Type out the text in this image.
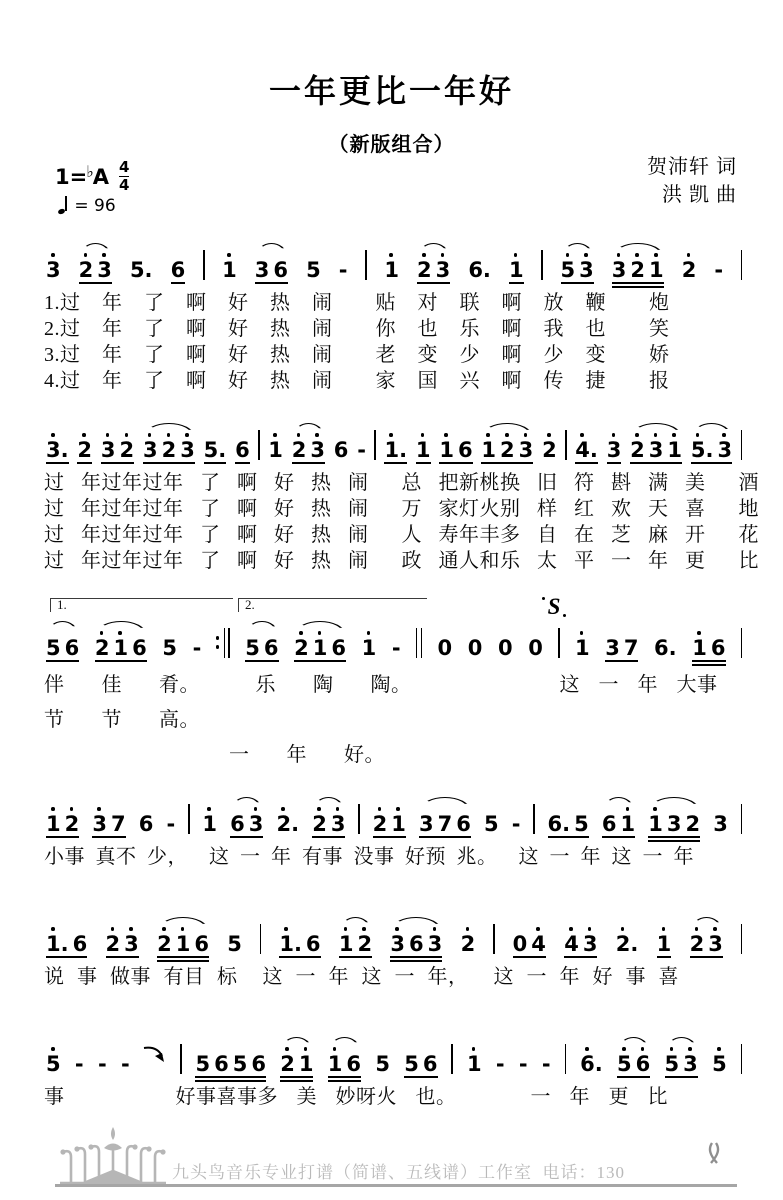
一年更比一年好
（新版组合）
$1=^♭A \frac{4}{4}$
= 96
贺沛轩 词
洪 凯 曲
3 2 3 5. 6 1 3 6 5 - 1 2 3 6. 1 5 3 3 2 1 2 -
1.过 年 了 啊 好 热 闹  贴 对 联 啊 放 鞭  炮
2.过 年 了 啊 好 热 闹  你 也 乐 啊 我 也  笑
3.过 年 了 啊 好 热 闹  老 变 少 啊 少 变  娇
4.过 年 了 啊 好 热 闹  家 国 兴 啊 传 捷  报
3. 2 3 2 3 2 3 5. 6 1 2 3 6 - 1. 1 1 6 1 2 3 2 4. 3 2 3 1 5. 3
过 年过年过年 了 啊 好 热 闹  总 把新桃换 旧 符 斟 满 美  酒
过 年过年过年 了 啊 好 热 闹  万 家灯火别 样 红 欢 天 喜  地
过 年过年过年 了 啊 好 热 闹  人 寿年丰多 自 在 芝 麻 开  花
过 年过年过年 了 啊 好 热 闹  政 通人和乐 太 平 一 年 更  比
1.	2.	S
5 6 2 1 6 5 - 5 6 2 1 6 1 - 0 0 0 0 1 3 7 6. 1 6
伴  佳  肴。   乐  陶  陶。        这 一 年 大事
节  节  高。
一  年  好。
1 2 3 7 6 - 1 6 3 2. 2 3 2 1 3 7 6 5 - 6. 5 6 1 1 3 2 3
小事 真不 少，  这 一 年 有事 没事 好预 兆。  这 一 年 这 一 年
1. 6 2 3 2 1 6 5 1. 6 1 2 3 6 3 2 0 4 4 3 2. 1 2 3
说 事 做事 有目 标  这 一 年 这 一 年，  这 一 年 好 事 喜
5 - - -	5 6 5 6 2 1 1 6 5 5 6 1 - - - 6. 5 6 5 3 5
事      好事喜事多 美 妙呀火 也。    一 年 更 比
九头鸟音乐专业打谱（简谱、五线谱）工作室  电话：130
